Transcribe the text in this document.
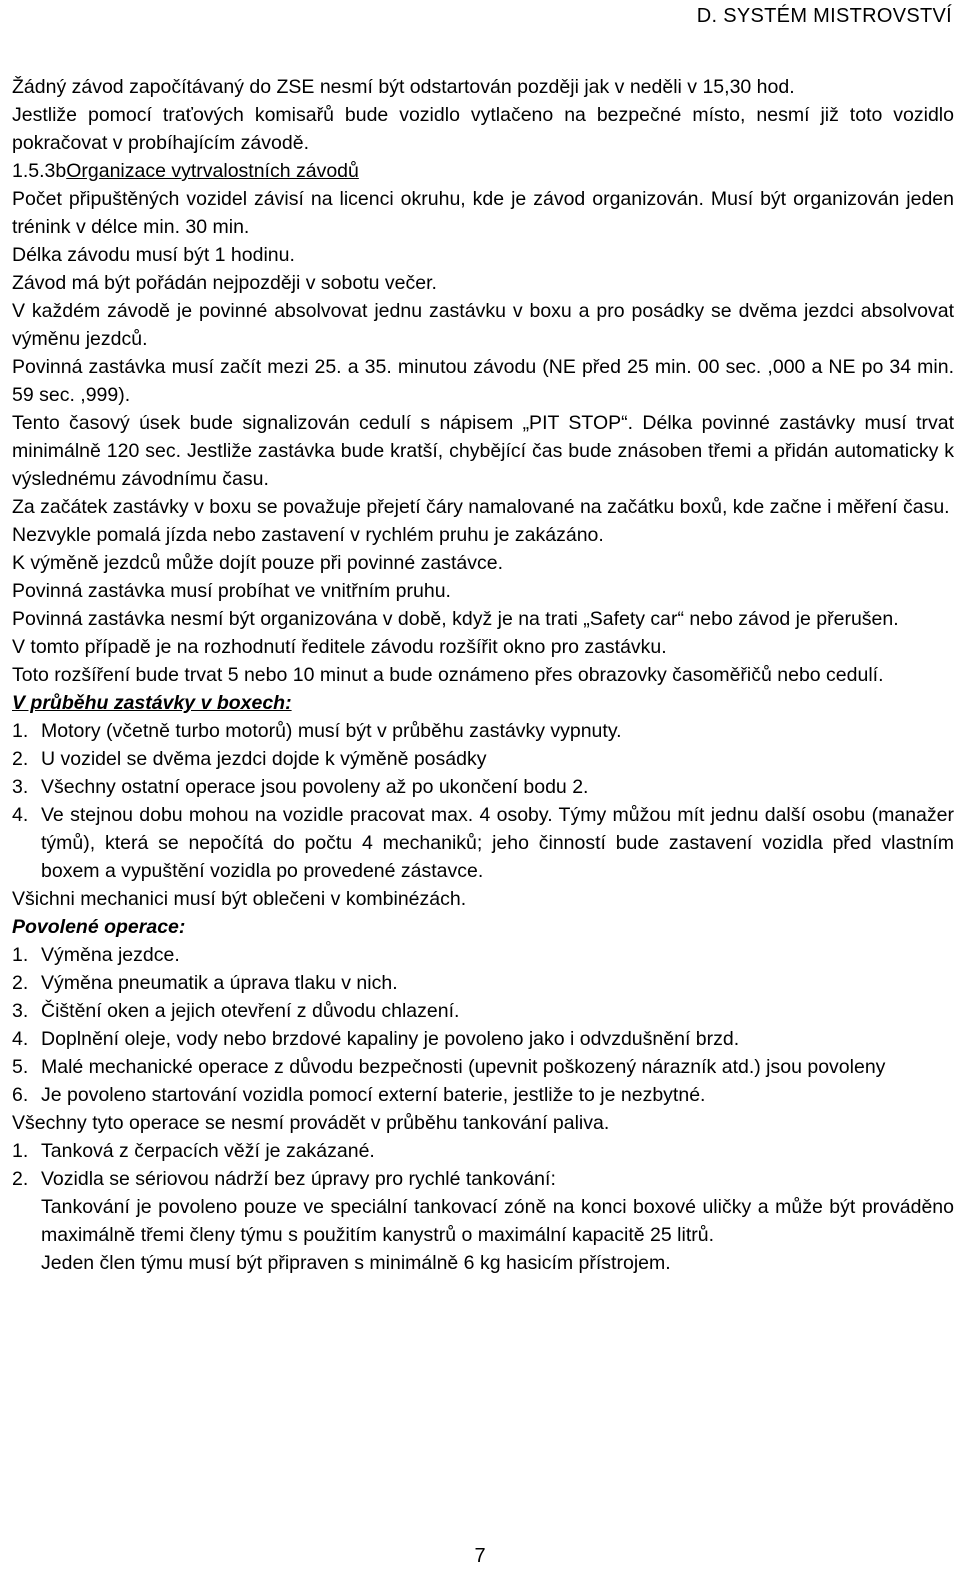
D. SYSTÉM MISTROVSTVÍ

Žádný závod započítávaný do ZSE nesmí být odstartován později jak v neděli v 15,30 hod.

Jestliže pomocí traťových komisařů bude vozidlo vytlačeno na bezpečné místo, nesmí již toto vozidlo pokračovat v probíhajícím závodě.

1.5.3bOrganizace vytrvalostních závodů

Počet připuštěných vozidel závisí na licenci okruhu, kde je závod organizován. Musí být organizován jeden trénink v délce min. 30 min.

Délka závodu musí být 1 hodinu.

Závod má být pořádán nejpozději v sobotu večer.

V každém závodě je povinné absolvovat jednu zastávku v boxu a pro posádky se dvěma jezdci absolvovat výměnu jezdců.

Povinná zastávka musí začít mezi 25. a 35. minutou závodu (NE před 25 min. 00 sec. ,000 a NE po 34 min. 59 sec. ,999).

Tento časový úsek bude signalizován cedulí s nápisem „PIT STOP“. Délka povinné zastávky musí trvat minimálně 120 sec. Jestliže zastávka bude kratší, chybějící čas bude znásoben třemi a přidán automaticky k výslednému závodnímu času.

Za začátek zastávky v boxu se považuje přejetí čáry namalované na začátku boxů, kde začne i měření času.

Nezvykle pomalá jízda nebo zastavení v rychlém pruhu je zakázáno.

K výměně jezdců může dojít pouze při povinné zastávce.

Povinná zastávka musí probíhat ve vnitřním pruhu.

Povinná zastávka nesmí být organizována v době, když je na trati „Safety car“ nebo závod je přerušen.

V tomto případě je na rozhodnutí ředitele závodu rozšířit okno pro zastávku.

Toto rozšíření bude trvat 5 nebo 10 minut a bude oznámeno přes obrazovky časoměřičů nebo cedulí.

V průběhu zastávky v boxech:

1. Motory (včetně turbo motorů) musí být v průběhu zastávky vypnuty.
2. U vozidel se dvěma jezdci dojde k výměně posádky
3. Všechny ostatní operace jsou povoleny až po ukončení bodu 2.
4. Ve stejnou dobu mohou na vozidle pracovat max. 4 osoby. Týmy můžou mít jednu další osobu (manažer týmů), která se nepočítá do počtu 4 mechaniků; jeho činností bude zastavení vozidla před vlastním boxem a vypuštění vozidla po provedené zástavce.

Všichni mechanici musí být oblečeni v kombinézách.

Povolené operace:

1. Výměna jezdce.
2. Výměna pneumatik a úprava tlaku v nich.
3. Čištění oken a jejich otevření z důvodu chlazení.
4. Doplnění oleje, vody nebo brzdové kapaliny je povoleno jako i odvzdušnění brzd.
5. Malé mechanické operace z důvodu bezpečnosti (upevnit poškozený nárazník atd.) jsou povoleny
6. Je povoleno startování vozidla pomocí externí baterie, jestliže to je nezbytné.

Všechny tyto operace se nesmí provádět v průběhu tankování paliva.

1. Tanková z čerpacích věží je zakázané.
2. Vozidla se sériovou nádrží bez úpravy pro rychlé tankování:

Tankování je povoleno pouze ve speciální tankovací zóně na konci boxové uličky a může být prováděno maximálně třemi členy týmu s použitím kanystrů o maximální kapacitě 25 litrů.

Jeden člen týmu musí být připraven s minimálně 6 kg hasicím přístrojem.

7
